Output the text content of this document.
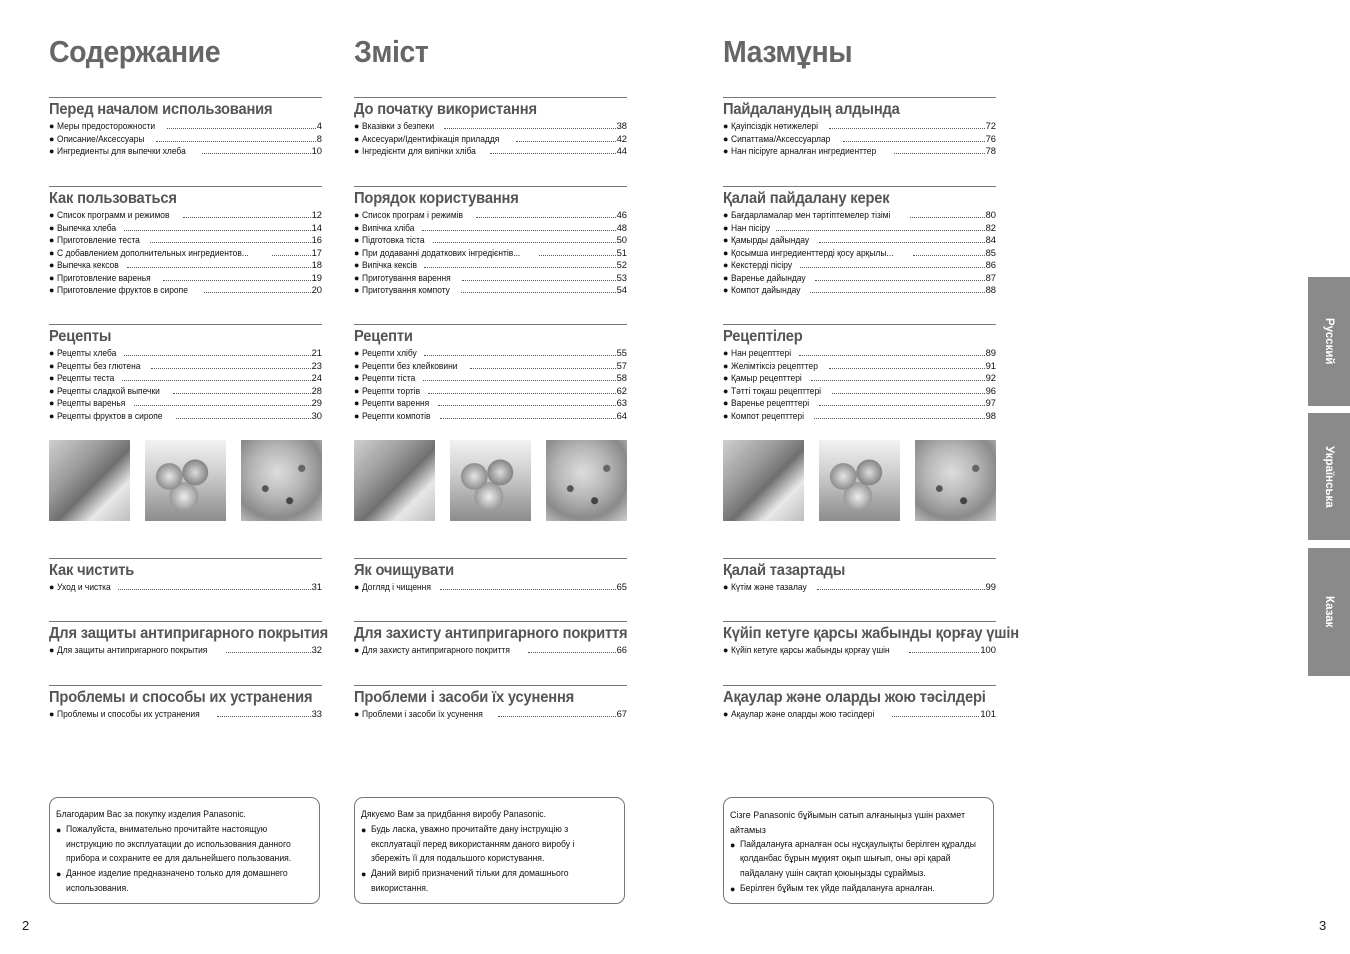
Содержание
Перед началом использования
● Меры предосторожности	4
● Описание/Аксессуары	8
● Ингредиенты для выпечки хлеба	10
Как пользоваться
● Список программ и режимов	12
● Выпечка хлеба	14
● Приготовление теста	16
● С добавлением дополнительных ингредиентов...	17
● Выпечка кексов	18
● Приготовление варенья	19
● Приготовление фруктов в сиропе	20
Рецепты
● Рецепты хлеба	21
● Рецепты без глютена	23
● Рецепты теста	24
● Рецепты сладкой выпечки	28
● Рецепты варенья	29
● Рецепты фруктов в сиропе	30
Как чистить
● Уход и чистка	31
Для защиты антипригарного покрытия
● Для защиты антипригарного покрытия	32
Проблемы и способы их устранения
● Проблемы и способы их устранения	33
Благодарим Вас за покупку изделия Panasonic.
● Пожалуйста, внимательно прочитайте настоящую
инструкцию по эксплуатации до использования данного
прибора и сохраните ее для дальнейшего пользования.
● Данное изделие предназначено только для домашнего
использования.
Зміст
До початку використання
● Вказівки з безпеки	38
● Аксесуари/Ідентифікація приладдя	42
● Інгредієнти для випічки хліба	44
Порядок користування
● Список програм і режимів	46
● Випічка хліба	48
● Підготовка тіста	50
● При додаванні додаткових інгредієнтів...	51
● Випічка кексів	52
● Приготування варення	53
● Приготування компоту	54
Рецепти
● Рецепти хлібу	55
● Рецепти без клейковини	57
● Рецепти тіста	58
● Рецепти тортів	62
● Рецепти варення	63
● Рецепти компотів	64
Як очищувати
● Догляд і чищення	65
Для захисту антипригарного покриття
● Для захисту антипригарного покриття	66
Проблеми і засоби їх усунення
● Проблеми і засоби їх усунення	67
Дякуємо Вам за придбання виробу Panasonic.
● Будь ласка, уважно прочитайте дану інструкцію з
експлуатації перед використанням даного виробу і
збережіть її для подальшого користування.
● Даний виріб призначений тільки для домашнього
використання.
Мазмұны
Пайдаланудың алдында
● Қауіпсіздік нөтижелері	72
● Сипаттама/Аксессуарлар	76
● Нан пісіруге арналған ингредиенттер	78
Қалай пайдалану керек
● Бағдарламалар мен тәртіптемелер тізімі	80
● Нан пісіру	82
● Қамырды дайындау	84
● Қосымша ингредиенттерді қосу арқылы...	85
● Кекстерді пісіру	86
● Варенье дайындау	87
● Компот дайындау	88
Рецептілер
● Нан рецепттері	89
● Желімтіксіз рецепттер	91
● Қамыр рецепттері	92
● Тәтті тоқаш рецепттері	96
● Варенье рецепттері	97
● Компот рецепттері	98
Қалай тазартады
● Күтім және тазалау	99
Күйіп кетуге қарсы жабынды қорғау үшін
● Күйіп кетуге қарсы жабынды қорғау үшін	100
Ақаулар және оларды жою тәсілдері
● Ақаулар және оларды жою тәсілдері	101
Сізге Panasonic бұйымын сатып алғаныңыз үшін рахмет айтамыз
● Пайдалануға арналған осы нұсқаулықты берілген құралды
қолданбас бұрын мұқият оқып шығып, оны әрі қарай
пайдалану үшін сақтап қоюыңызды сұраймыз.
● Берілген бұйым тек үйде пайдалануға арналған.
2	3
Русский
Українська
Казак
